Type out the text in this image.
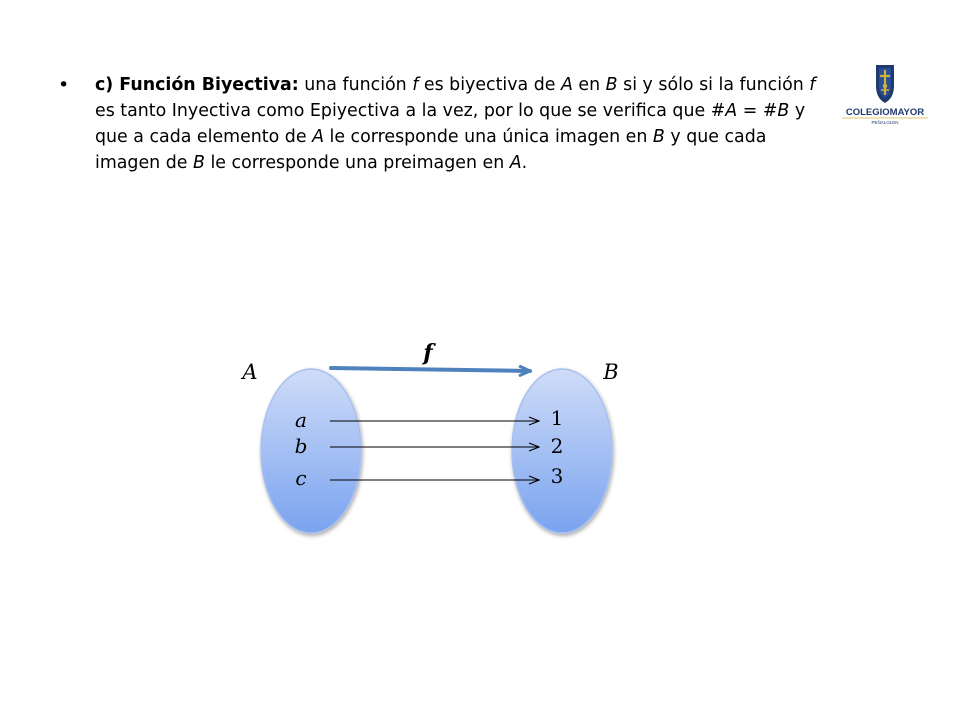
• c) Función Biyectiva: una función f es biyectiva de A en B si y sólo si la función f es tanto Inyectiva como Epiyectiva a la vez, por lo que se verifica que #A = #B y que a cada elemento de A le corresponde una única imagen en B y que cada imagen de B le corresponde una preimagen en A.
COLEGIOMAYOR
PEÑALOLEN
f
A	B
a
b
c
1
2
3
